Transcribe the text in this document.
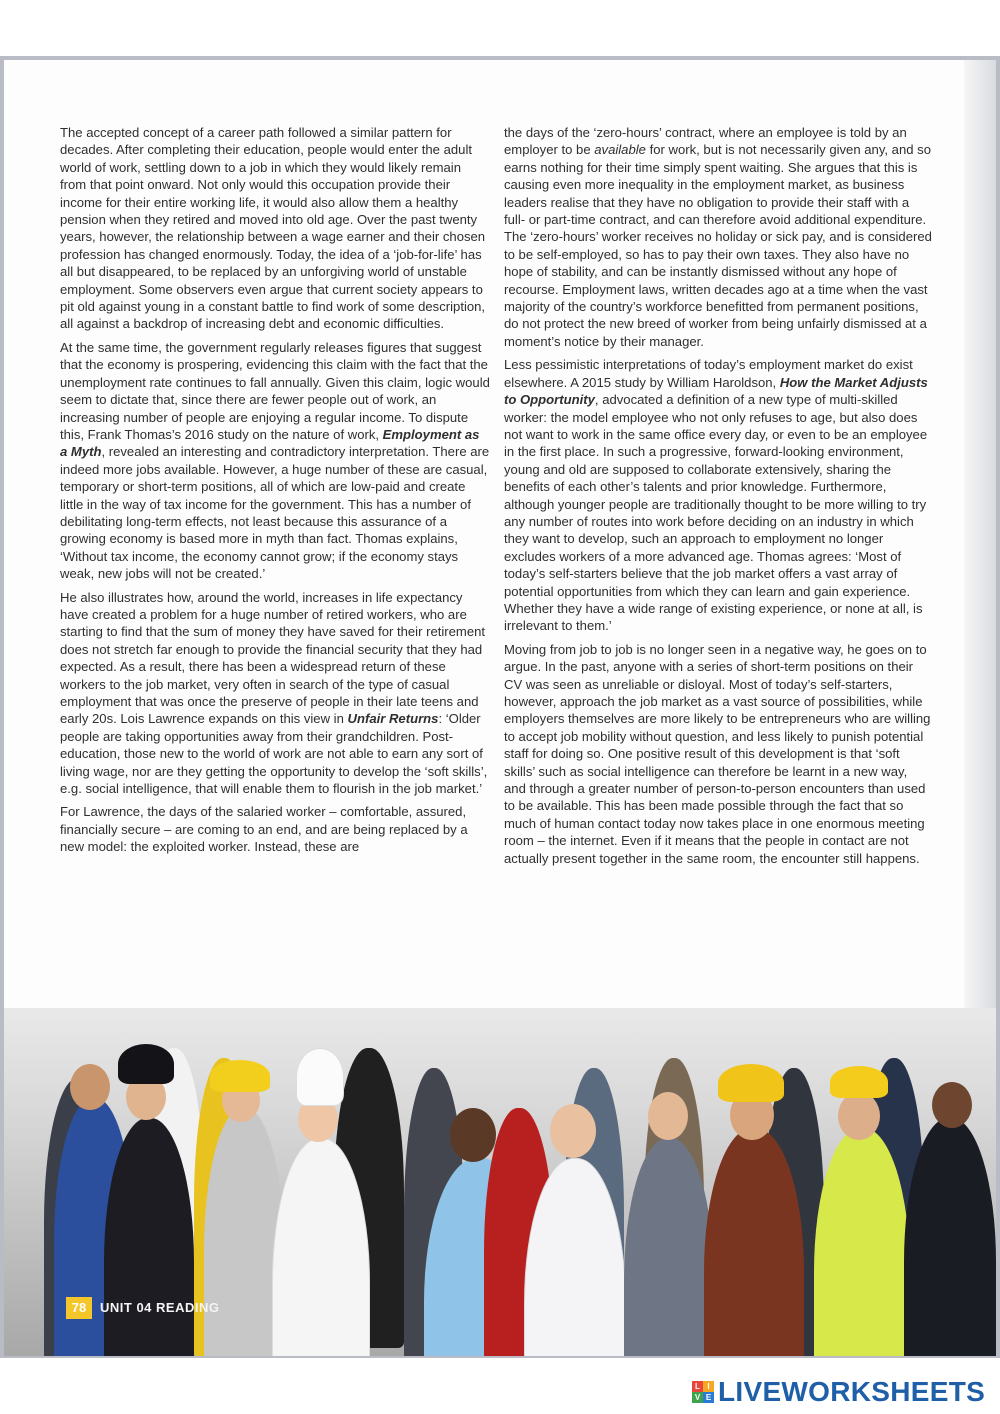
The accepted concept of a career path followed a similar pattern for decades. After completing their education, people would enter the adult world of work, settling down to a job in which they would likely remain from that point onward. Not only would this occupation provide their income for their entire working life, it would also allow them a healthy pension when they retired and moved into old age. Over the past twenty years, however, the relationship between a wage earner and their chosen profession has changed enormously. Today, the idea of a ‘job-for-life’ has all but disappeared, to be replaced by an unforgiving world of unstable employment. Some observers even argue that current society appears to pit old against young in a constant battle to find work of some description, all against a backdrop of increasing debt and economic difficulties.

At the same time, the government regularly releases figures that suggest that the economy is prospering, evidencing this claim with the fact that the unemployment rate continues to fall annually. Given this claim, logic would seem to dictate that, since there are fewer people out of work, an increasing number of people are enjoying a regular income. To dispute this, Frank Thomas’s 2016 study on the nature of work, Employment as a Myth, revealed an interesting and contradictory interpretation. There are indeed more jobs available. However, a huge number of these are casual, temporary or short-term positions, all of which are low-paid and create little in the way of tax income for the government. This has a number of debilitating long-term effects, not least because this assurance of a growing economy is based more in myth than fact. Thomas explains, ‘Without tax income, the economy cannot grow; if the economy stays weak, new jobs will not be created.’

He also illustrates how, around the world, increases in life expectancy have created a problem for a huge number of retired workers, who are starting to find that the sum of money they have saved for their retirement does not stretch far enough to provide the financial security that they had expected. As a result, there has been a widespread return of these workers to the job market, very often in search of the type of casual employment that was once the preserve of people in their late teens and early 20s. Lois Lawrence expands on this view in Unfair Returns: ‘Older people are taking opportunities away from their grandchildren. Post-education, those new to the world of work are not able to earn any sort of living wage, nor are they getting the opportunity to develop the ‘soft skills’, e.g. social intelligence, that will enable them to flourish in the job market.’

For Lawrence, the days of the salaried worker – comfortable, assured, financially secure – are coming to an end, and are being replaced by a new model: the exploited worker. Instead, these are

the days of the ‘zero-hours’ contract, where an employee is told by an employer to be available for work, but is not necessarily given any, and so earns nothing for their time simply spent waiting. She argues that this is causing even more inequality in the employment market, as business leaders realise that they have no obligation to provide their staff with a full- or part-time contract, and can therefore avoid additional expenditure. The ‘zero-hours’ worker receives no holiday or sick pay, and is considered to be self-employed, so has to pay their own taxes. They also have no hope of stability, and can be instantly dismissed without any hope of recourse. Employment laws, written decades ago at a time when the vast majority of the country’s workforce benefitted from permanent positions, do not protect the new breed of worker from being unfairly dismissed at a moment’s notice by their manager.

Less pessimistic interpretations of today’s employment market do exist elsewhere. A 2015 study by William Haroldson, How the Market Adjusts to Opportunity, advocated a definition of a new type of multi-skilled worker: the model employee who not only refuses to age, but also does not want to work in the same office every day, or even to be an employee in the first place. In such a progressive, forward-looking environment, young and old are supposed to collaborate extensively, sharing the benefits of each other’s talents and prior knowledge. Furthermore, although younger people are traditionally thought to be more willing to try any number of routes into work before deciding on an industry in which they want to develop, such an approach to employment no longer excludes workers of a more advanced age. Thomas agrees: ‘Most of today’s self-starters believe that the job market offers a vast array of potential opportunities from which they can learn and gain experience. Whether they have a wide range of existing experience, or none at all, is irrelevant to them.’

Moving from job to job is no longer seen in a negative way, he goes on to argue. In the past, anyone with a series of short-term positions on their CV was seen as unreliable or disloyal. Most of today’s self-starters, however, approach the job market as a vast source of possibilities, while employers themselves are more likely to be entrepreneurs who are willing to accept job mobility without question, and less likely to punish potential staff for doing so. One positive result of this development is that ‘soft skills’ such as social intelligence can therefore be learnt in a new way, and through a greater number of person-to-person encounters than used to be available. This has been made possible through the fact that so much of human contact today now takes place in one enormous meeting room – the internet. Even if it means that the people in contact are not actually present together in the same room, the encounter still happens.

78	UNIT 04 READING
L I
V E LIVEWORKSHEETS
